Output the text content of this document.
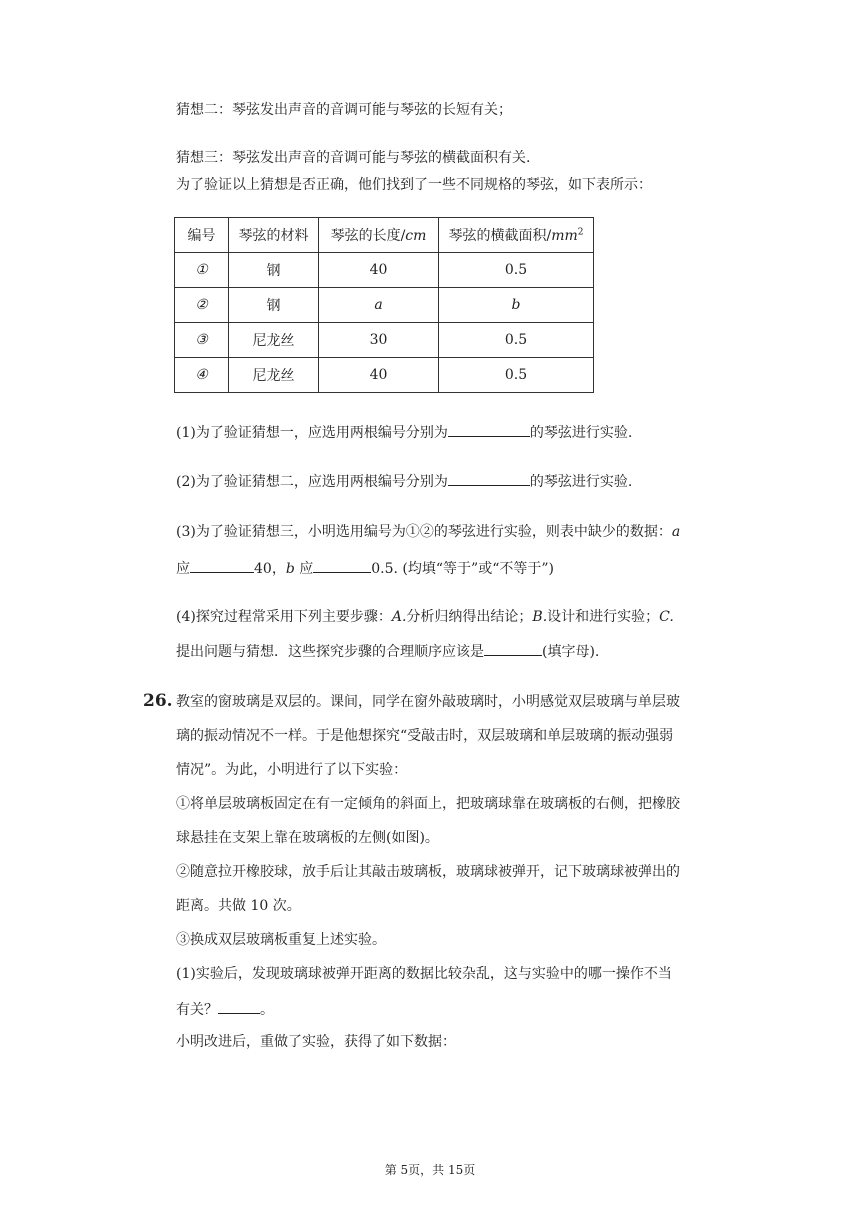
猜想二：琴弦发出声音的音调可能与琴弦的长短有关；
猜想三：琴弦发出声音的音调可能与琴弦的横截面积有关.
为了验证以上猜想是否正确，他们找到了一些不同规格的琴弦，如下表所示：
编号	琴弦的材料	琴弦的长度/cm	琴弦的横截面积$/mm^2$
①	钢	40	0.5
②	钢	a	b
③	尼龙丝	30	0.5
④	尼龙丝	40	0.5
(1)为了验证猜想一，应选用两根编号分别为	的琴弦进行实验.
(2)为了验证猜想二，应选用两根编号分别为	的琴弦进行实验.
(3)为了验证猜想三，小明选用编号为①②的琴弦进行实验，则表中缺少的数据：a
应	40，b 应	0.5. (均填“等于”或“不等于”)
(4)探究过程常采用下列主要步骤：A.分析归纳得出结论；B.设计和进行实验；C.
提出问题与猜想．这些探究步骤的合理顺序应该是	(填字母).
26. 教室的窗玻璃是双层的。课间，同学在窗外敲玻璃时，小明感觉双层玻璃与单层玻
璃的振动情况不一样。于是他想探究“受敲击时，双层玻璃和单层玻璃的振动强弱
情况”。为此，小明进行了以下实验：
①将单层玻璃板固定在有一定倾角的斜面上，把玻璃球靠在玻璃板的右侧，把橡胶
球悬挂在支架上靠在玻璃板的左侧(如图)。
②随意拉开橡胶球，放手后让其敲击玻璃板，玻璃球被弹开，记下玻璃球被弹出的
距离。共做 10 次。
③换成双层玻璃板重复上述实验。
(1)实验后，发现玻璃球被弹开距离的数据比较杂乱，这与实验中的哪一操作不当
有关？	。
小明改进后，重做了实验，获得了如下数据：
第 5页，共 15页
